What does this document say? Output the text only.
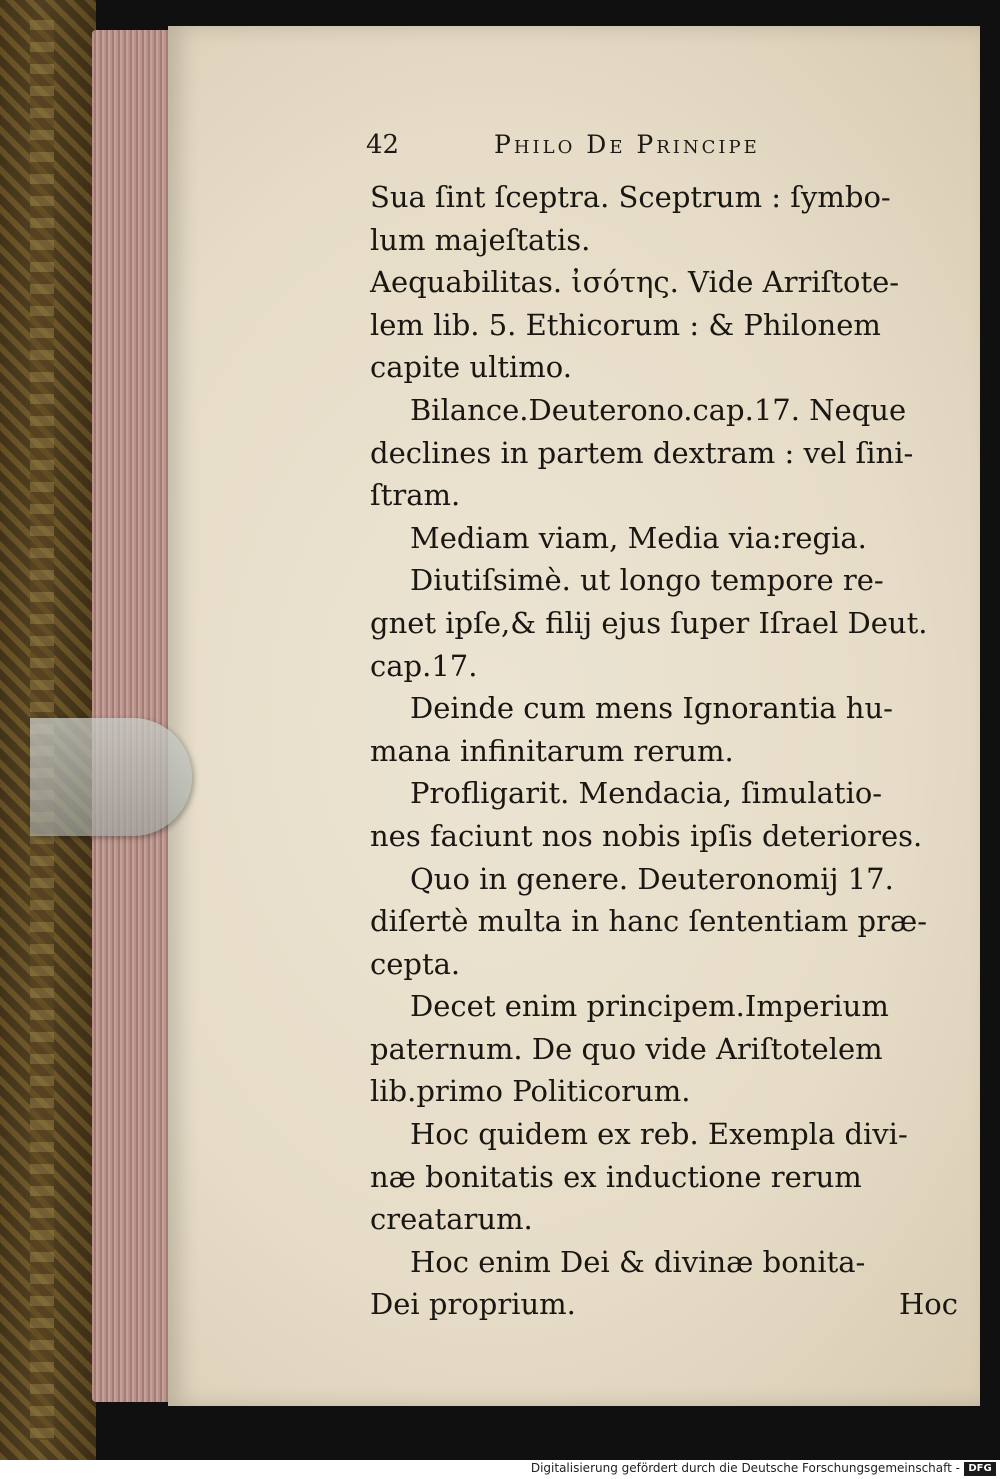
42	Philo De Principe
Sua ſint ſceptra. Sceptrum : ſymbo-
lum majeſtatis.
Aequabilitas. ἰσότης. Vide Arriſtote-
lem lib. 5. Ethicorum : & Philonem
capite ultimo.
Bilance.Deuterono.cap.17. Neque
declines in partem dextram : vel ſini-
ſtram.
Mediam viam, Media via:regia.
Diutiſsimè. ut longo tempore re-
gnet ipſe,& filij ejus ſuper Iſrael Deut.
cap.17.
Deinde cum mens Ignorantia hu-
mana infinitarum rerum.
Profligarit. Mendacia, ſimulatio-
nes faciunt nos nobis ipſis deteriores.
Quo in genere. Deuteronomij 17.
diſertè multa in hanc ſententiam præ-
cepta.
Decet enim principem.Imperium
paternum. De quo vide Ariſtotelem
lib.primo Politicorum.
Hoc quidem ex reb. Exempla divi-
næ bonitatis ex inductione rerum
creatarum.
Hoc enim Dei & divinæ bonita-
Dei proprium.	Hoc
Digitalisierung gefördert durch die Deutsche Forschungsgemeinschaft - DFG
